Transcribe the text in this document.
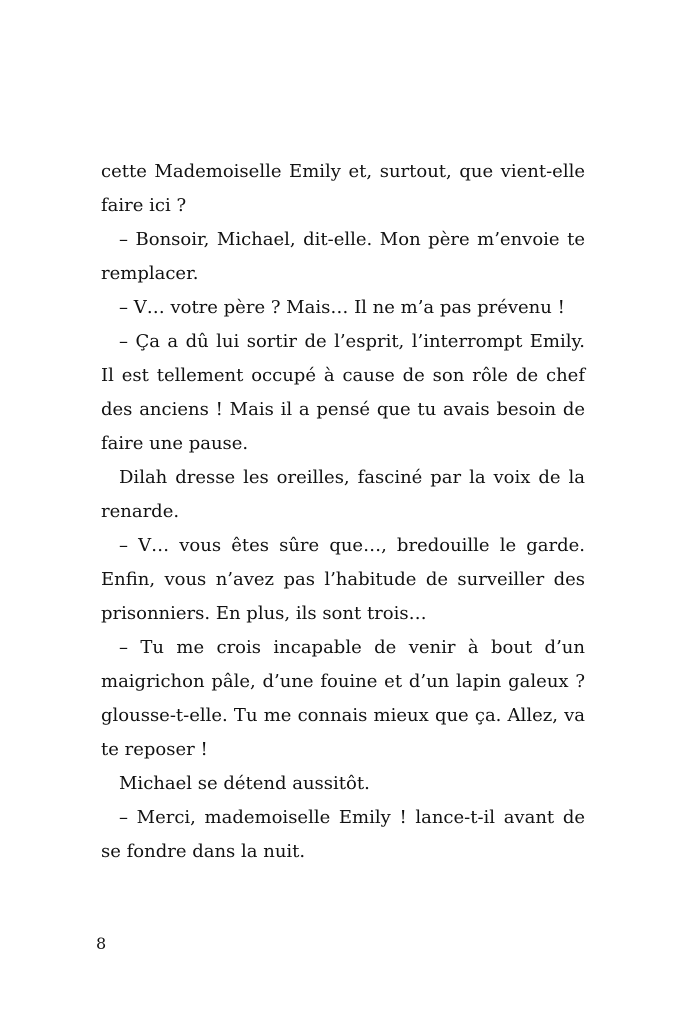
cette Mademoiselle Emily et, surtout, que vient-elle faire ici ?

– Bonsoir, Michael, dit-elle. Mon père m’envoie te remplacer.

– V… votre père ? Mais… Il ne m’a pas prévenu !

– Ça a dû lui sortir de l’esprit, l’interrompt Emily. Il est tellement occupé à cause de son rôle de chef des anciens ! Mais il a pensé que tu avais besoin de faire une pause.

Dilah dresse les oreilles, fasciné par la voix de la renarde.

– V… vous êtes sûre que…, bredouille le garde. Enfin, vous n’avez pas l’habitude de surveiller des prisonniers. En plus, ils sont trois…

– Tu me crois incapable de venir à bout d’un maigrichon pâle, d’une fouine et d’un lapin galeux ? glousse-t-elle. Tu me connais mieux que ça. Allez, va te reposer !

Michael se détend aussitôt.

– Merci, mademoiselle Emily ! lance-t-il avant de se fondre dans la nuit.

8
